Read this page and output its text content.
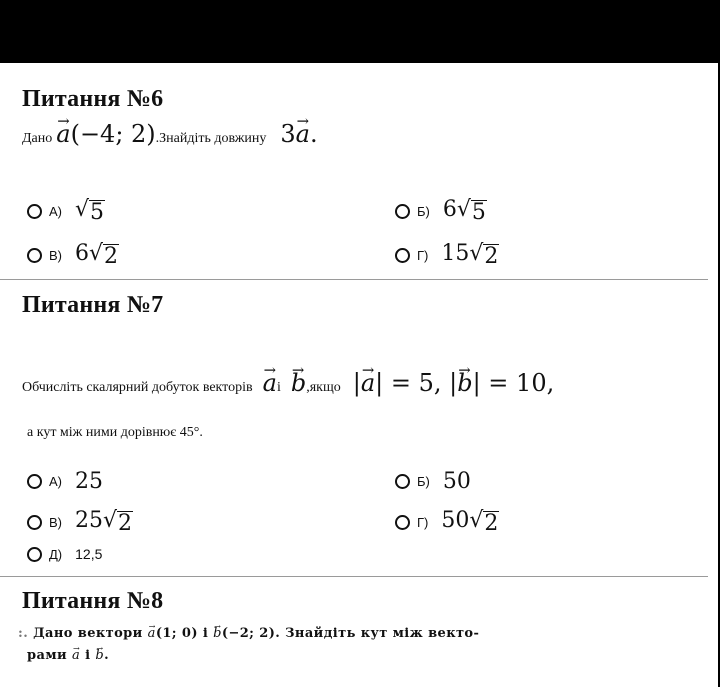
Питання №6
Дано → a(−4; 2).Знайдіть довжину 3→ a.
А) √ 5	Б) 6 √ 5
В) 6 √ 2	Г) 15 √ 2
Питання №7
Обчисліть скалярний добуток векторів → aі → b,якщо |→ a| = 5, |→ b| = 10,
а кут між ними дорівнює 45°.
А) 25	Б) 50
В) 25 √ 2	Г) 50 √ 2
Д) 12,5
Питання №8
:. Дано вектори → a(1; 0) і → b(−2; 2). Знайдіть кут між векто-
рами → a і → b.
